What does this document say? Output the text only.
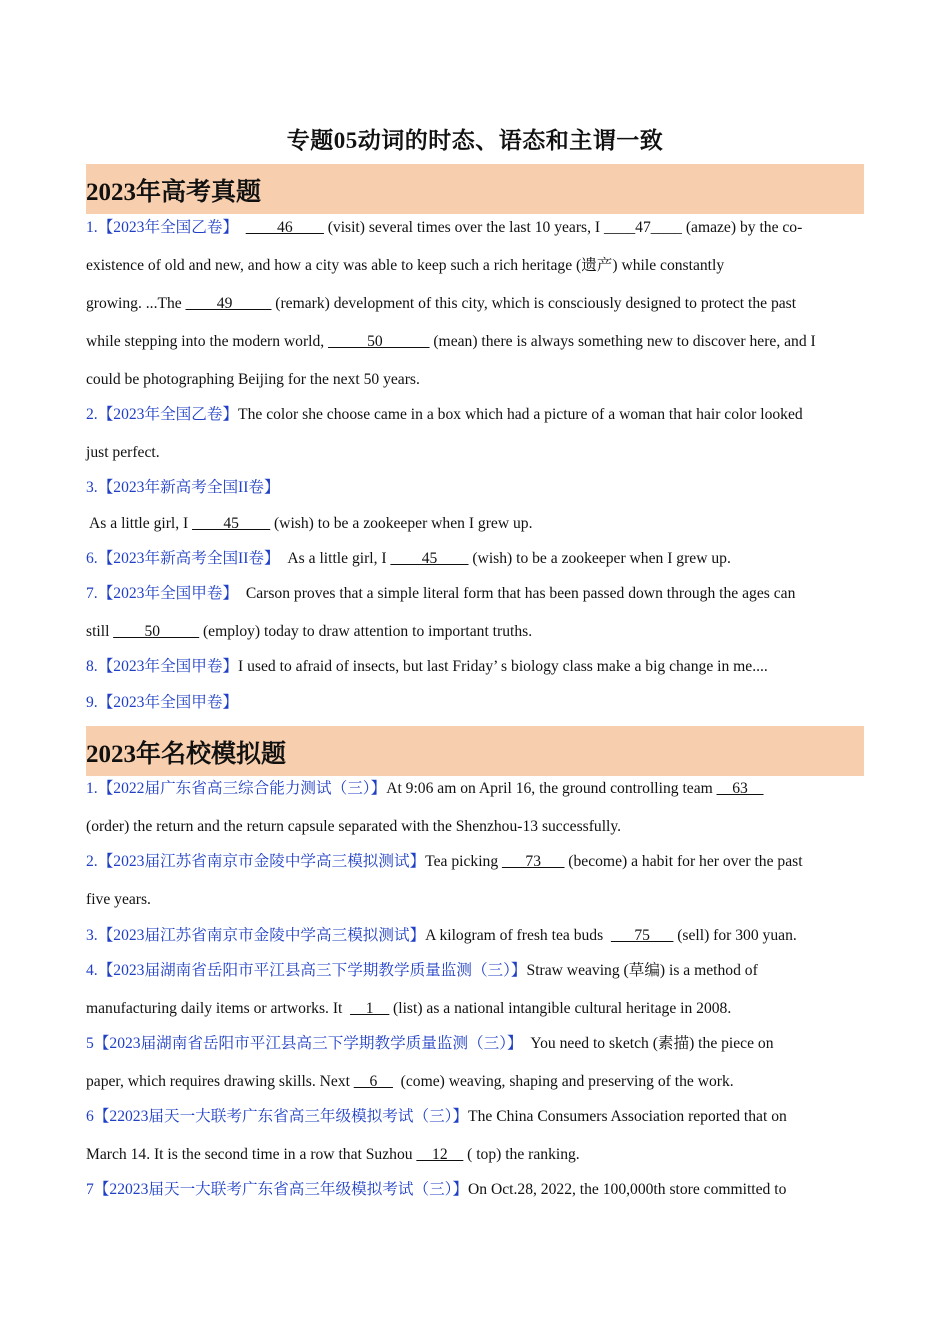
专题05动词的时态、语态和主谓一致
2023年高考真题
2023年名校模拟题
1.【2023年全国乙卷】 ____46____ (visit) several times over the last 10 years, I ____47____ (amaze) by the co-
existence of old and new, and how a city was able to keep such a rich heritage (遗产) while constantly
growing. ...The ____49_____ (remark) development of this city, which is consciously designed to protect the past
while stepping into the modern world, _____50______ (mean) there is always something new to discover here, and I
could be photographing Beijing for the next 50 years.
2.【2023年全国乙卷】The color she choose came in a box which had a picture of a woman that hair color looked
just perfect.
3.【2023年新高考全国II卷】
As a little girl, I ____45____ (wish) to be a zookeeper when I grew up.
6.【2023年新高考全国II卷】  As a little girl, I ____45____ (wish) to be a zookeeper when I grew up.
7.【2023年全国甲卷】  Carson proves that a simple literal form that has been passed down through the ages can
still ____50_____ (employ) today to draw attention to important truths.
8.【2023年全国甲卷】I used to afraid of insects, but last Friday’ s biology class make a big change in me....
9.【2023年全国甲卷】
1.【2022届广东省高三综合能力测试（三）】At 9:06 am on April 16, the ground controlling team __63__
(order) the return and the return capsule separated with the Shenzhou-13 successfully.
2.【2023届江苏省南京市金陵中学高三模拟测试】Tea picking ___73___ (become) a habit for her over the past
five years.
3.【2023届江苏省南京市金陵中学高三模拟测试】A kilogram of fresh tea buds  ___75___ (sell) for 300 yuan.
4.【2023届湖南省岳阳市平江县高三下学期教学质量监测（三）】Straw weaving (草编) is a method of
manufacturing daily items or artworks. It  __1__ (list) as a national intangible cultural heritage in 2008.
5【2023届湖南省岳阳市平江县高三下学期教学质量监测（三）】  You need to sketch (素描) the piece on
paper, which requires drawing skills. Next __6__  (come) weaving, shaping and preserving of the work.
6【22023届天一大联考广东省高三年级模拟考试（三）】The China Consumers Association reported that on
March 14. It is the second time in a row that Suzhou __12__ ( top) the ranking.
7【22023届天一大联考广东省高三年级模拟考试（三）】On Oct.28, 2022, the 100,000th store committed to
